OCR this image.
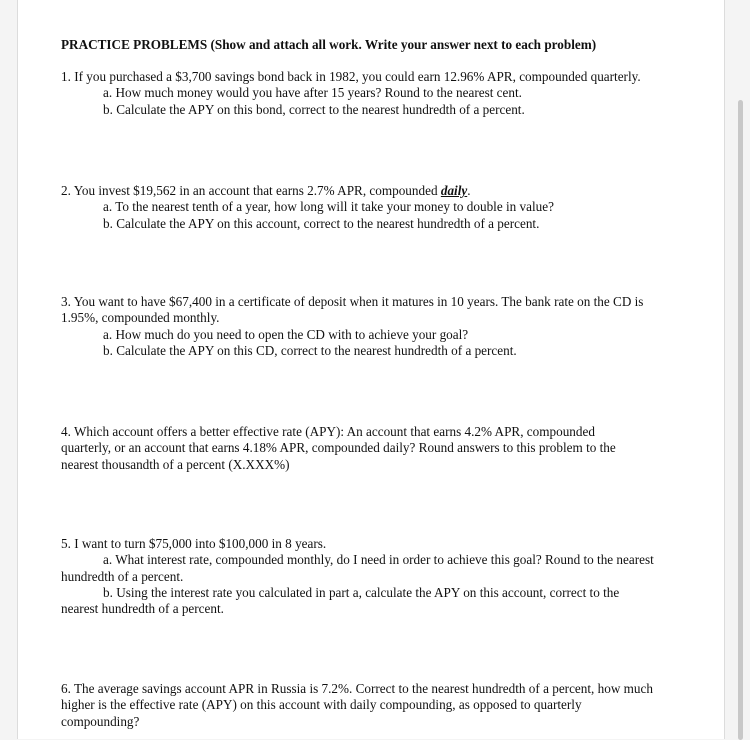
PRACTICE PROBLEMS (Show and attach all work. Write your answer next to each problem)
1. If you purchased a $3,700 savings bond back in 1982, you could earn 12.96% APR, compounded quarterly.
a. How much money would you have after 15 years? Round to the nearest cent.
b. Calculate the APY on this bond, correct to the nearest hundredth of a percent.
2. You invest $19,562 in an account that earns 2.7% APR, compounded daily.
a. To the nearest tenth of a year, how long will it take your money to double in value?
b. Calculate the APY on this account, correct to the nearest hundredth of a percent.
3. You want to have $67,400 in a certificate of deposit when it matures in 10 years. The bank rate on the CD is
1.95%, compounded monthly.
a. How much do you need to open the CD with to achieve your goal?
b. Calculate the APY on this CD, correct to the nearest hundredth of a percent.
4. Which account offers a better effective rate (APY): An account that earns 4.2% APR, compounded
quarterly, or an account that earns 4.18% APR, compounded daily? Round answers to this problem to the
nearest thousandth of a percent (X.XXX%)
5. I want to turn $75,000 into $100,000 in 8 years.
a. What interest rate, compounded monthly, do I need in order to achieve this goal? Round to the nearest
hundredth of a percent.
b. Using the interest rate you calculated in part a, calculate the APY on this account, correct to the
nearest hundredth of a percent.
6. The average savings account APR in Russia is 7.2%. Correct to the nearest hundredth of a percent, how much
higher is the effective rate (APY) on this account with daily compounding, as opposed to quarterly
compounding?
